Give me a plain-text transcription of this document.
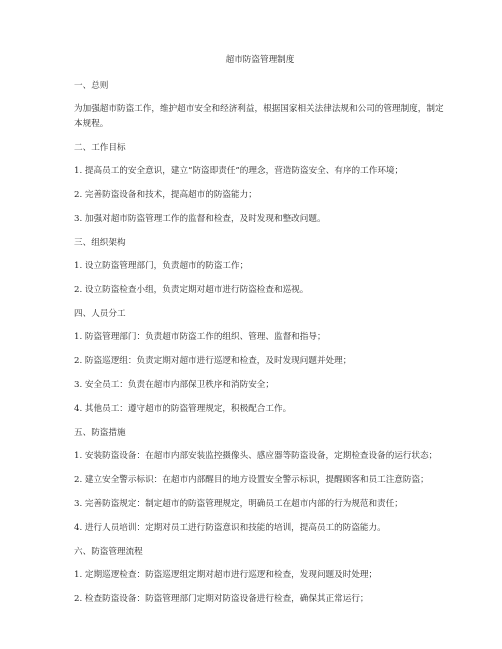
超市防盗管理制度
一、总则
为加强超市防盗工作，维护超市安全和经济利益，根据国家相关法律法规和公司的管理制度，制定本规程。
二、工作目标
1. 提高员工的安全意识，建立“防盗即责任”的理念，营造防盗安全、有序的工作环境；
2. 完善防盗设备和技术，提高超市的防盗能力；
3. 加强对超市防盗管理工作的监督和检查，及时发现和整改问题。
三、组织架构
1. 设立防盗管理部门，负责超市的防盗工作；
2. 设立防盗检查小组，负责定期对超市进行防盗检查和巡视。
四、人员分工
1. 防盗管理部门：负责超市防盗工作的组织、管理、监督和指导；
2. 防盗巡逻组：负责定期对超市进行巡逻和检查，及时发现问题并处理；
3. 安全员工：负责在超市内部保卫秩序和消防安全；
4. 其他员工：遵守超市的防盗管理规定，积极配合工作。
五、防盗措施
1. 安装防盗设备：在超市内部安装监控摄像头、感应器等防盗设备，定期检查设备的运行状态；
2. 建立安全警示标识：在超市内部醒目的地方设置安全警示标识，提醒顾客和员工注意防盗；
3. 完善防盗规定：制定超市的防盗管理规定，明确员工在超市内部的行为规范和责任；
4. 进行人员培训：定期对员工进行防盗意识和技能的培训，提高员工的防盗能力。
六、防盗管理流程
1. 定期巡逻检查：防盗巡逻组定期对超市进行巡逻和检查，发现问题及时处理；
2. 检查防盗设备：防盗管理部门定期对防盗设备进行检查，确保其正常运行；
